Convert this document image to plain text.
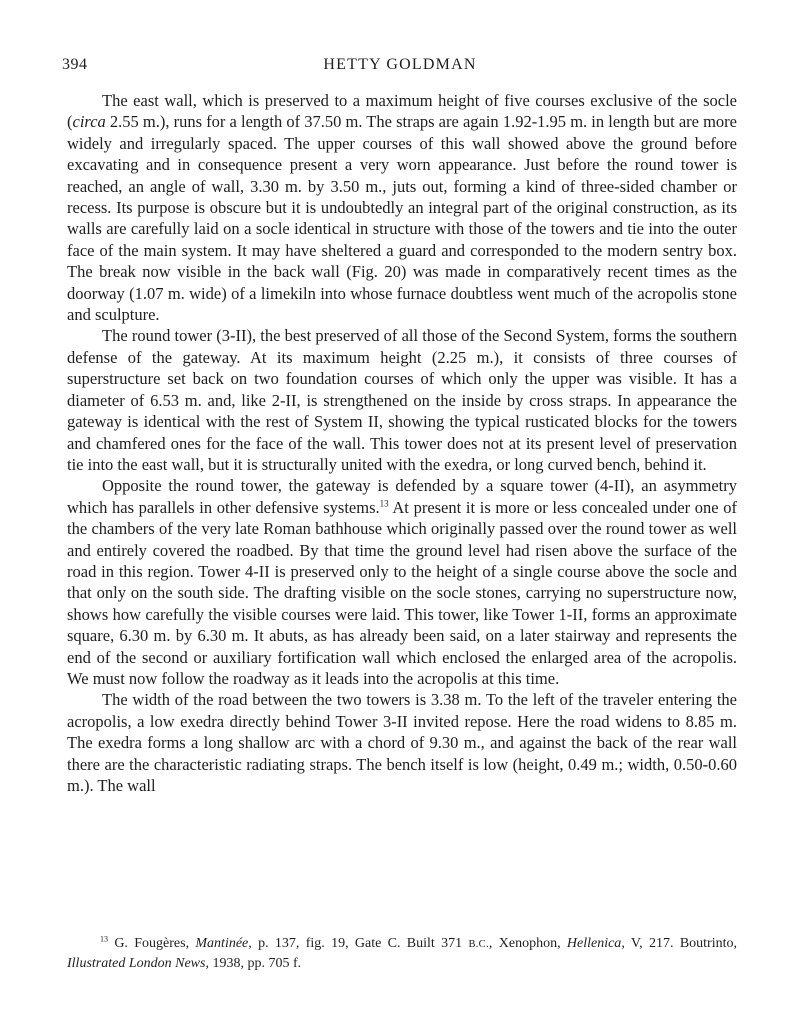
394	HETTY GOLDMAN

The east wall, which is preserved to a maximum height of five courses exclusive of the socle (circa 2.55 m.), runs for a length of 37.50 m. The straps are again 1.92-1.95 m. in length but are more widely and irregularly spaced. The upper courses of this wall showed above the ground before excavating and in consequence present a very worn appearance. Just before the round tower is reached, an angle of wall, 3.30 m. by 3.50 m., juts out, forming a kind of three-sided chamber or recess. Its purpose is obscure but it is undoubtedly an integral part of the original construction, as its walls are carefully laid on a socle identical in structure with those of the towers and tie into the outer face of the main system. It may have sheltered a guard and corresponded to the modern sentry box. The break now visible in the back wall (Fig. 20) was made in comparatively recent times as the doorway (1.07 m. wide) of a limekiln into whose furnace doubtless went much of the acropolis stone and sculpture.

The round tower (3-II), the best preserved of all those of the Second System, forms the southern defense of the gateway. At its maximum height (2.25 m.), it consists of three courses of superstructure set back on two foundation courses of which only the upper was visible. It has a diameter of 6.53 m. and, like 2-II, is strengthened on the inside by cross straps. In appearance the gateway is identical with the rest of System II, showing the typical rusticated blocks for the towers and chamfered ones for the face of the wall. This tower does not at its present level of preservation tie into the east wall, but it is structurally united with the exedra, or long curved bench, behind it.

Opposite the round tower, the gateway is defended by a square tower (4-II), an asymmetry which has parallels in other defensive systems.$^{13}$ At present it is more or less concealed under one of the chambers of the very late Roman bathhouse which originally passed over the round tower as well and entirely covered the roadbed. By that time the ground level had risen above the surface of the road in this region. Tower 4-II is preserved only to the height of a single course above the socle and that only on the south side. The drafting visible on the socle stones, carrying no superstructure now, shows how carefully the visible courses were laid. This tower, like Tower 1-II, forms an approximate square, 6.30 m. by 6.30 m. It abuts, as has already been said, on a later stairway and represents the end of the second or auxiliary fortification wall which enclosed the enlarged area of the acropolis. We must now follow the roadway as it leads into the acropolis at this time.

The width of the road between the two towers is 3.38 m. To the left of the traveler entering the acropolis, a low exedra directly behind Tower 3-II invited repose. Here the road widens to 8.85 m. The exedra forms a long shallow arc with a chord of 9.30 m., and against the back of the rear wall there are the characteristic radiating straps. The bench itself is low (height, 0.49 m.; width, 0.50-0.60 m.). The wall

$^{13}$ G. Fougères, Mantinée, p. 137, fig. 19, Gate C. Built 371 B.C., Xenophon, Hellenica, V, 217. Boutrinto, Illustrated London News, 1938, pp. 705 f.
